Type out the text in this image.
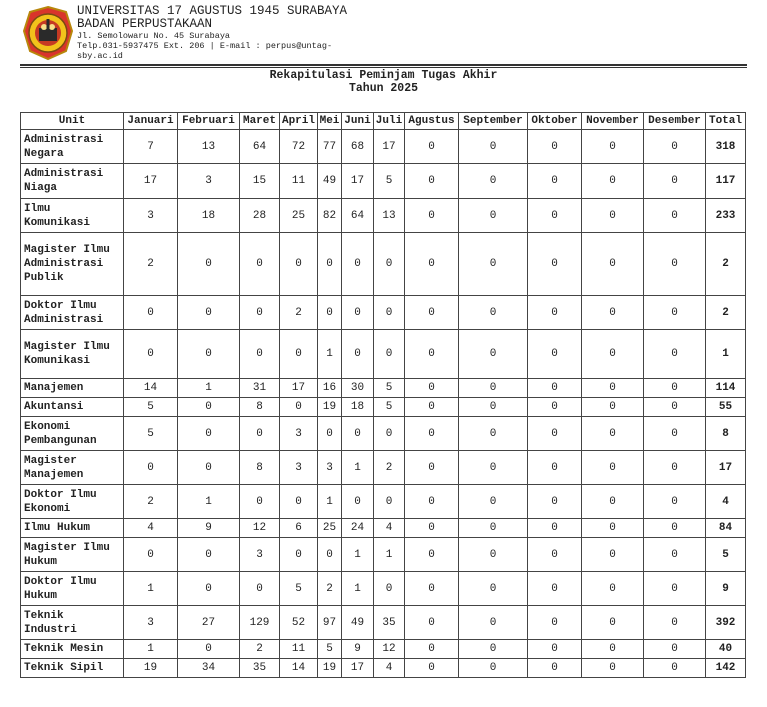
UNIVERSITAS 17 AGUSTUS 1945 SURABAYA
BADAN PERPUSTAKAAN
Jl. Semolowaru No. 45 Surabaya
Telp.031-5937475 Ext. 206 | E-mail : perpus@untag-
sby.ac.id
Rekapitulasi Peminjam Tugas Akhir
Tahun 2025
Unit	Januari	Februari	Maret	April	Mei	Juni	Juli	Agustus	September	Oktober	November	Desember	Total
Administrasi Negara	7	13	64	72	77	68	17	0	0	0	0	0	318
Administrasi Niaga	17	3	15	11	49	17	5	0	0	0	0	0	117
Ilmu Komunikasi	3	18	28	25	82	64	13	0	0	0	0	0	233
Magister Ilmu Administrasi Publik	2	0	0	0	0	0	0	0	0	0	0	0	2
Doktor Ilmu Administrasi	0	0	0	2	0	0	0	0	0	0	0	0	2
Magister Ilmu Komunikasi	0	0	0	0	1	0	0	0	0	0	0	0	1
Manajemen	14	1	31	17	16	30	5	0	0	0	0	0	114
Akuntansi	5	0	8	0	19	18	5	0	0	0	0	0	55
Ekonomi Pembangunan	5	0	0	3	0	0	0	0	0	0	0	0	8
Magister Manajemen	0	0	8	3	3	1	2	0	0	0	0	0	17
Doktor Ilmu Ekonomi	2	1	0	0	1	0	0	0	0	0	0	0	4
Ilmu Hukum	4	9	12	6	25	24	4	0	0	0	0	0	84
Magister Ilmu Hukum	0	0	3	0	0	1	1	0	0	0	0	0	5
Doktor Ilmu Hukum	1	0	0	5	2	1	0	0	0	0	0	0	9
Teknik Industri	3	27	129	52	97	49	35	0	0	0	0	0	392
Teknik Mesin	1	0	2	11	5	9	12	0	0	0	0	0	40
Teknik Sipil	19	34	35	14	19	17	4	0	0	0	0	0	142
